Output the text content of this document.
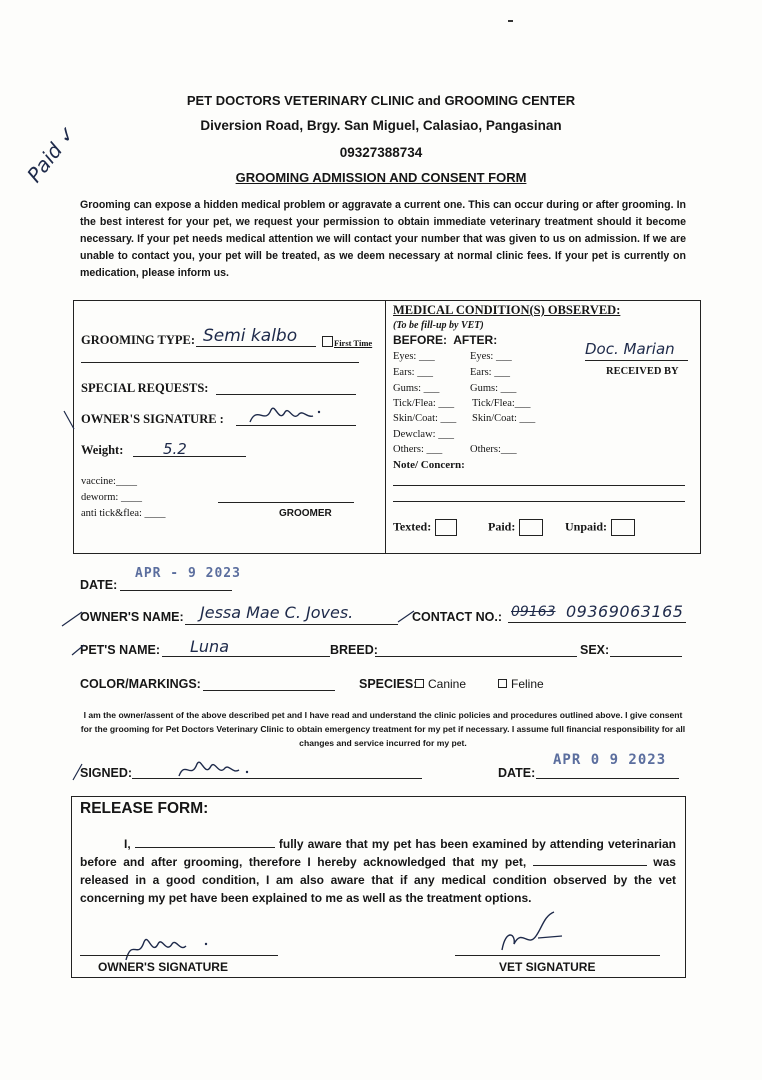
PET DOCTORS VETERINARY CLINIC and GROOMING CENTER
Diversion Road, Brgy. San Miguel, Calasiao, Pangasinan
09327388734
GROOMING ADMISSION AND CONSENT FORM
Paid ✓
Grooming can expose a hidden medical problem or aggravate a current one. This can occur during or after grooming. In the best interest for your pet, we request your permission to obtain immediate veterinary treatment should it become necessary. If your pet needs medical attention we will contact your number that was given to us on admission. If we are unable to contact you, your pet will be treated, as we deem necessary at normal clinic fees. If your pet is currently on medication, please inform us.
GROOMING TYPE: Semi kalbo	First Time
SPECIAL REQUESTS:
OWNER'S SIGNATURE :
Weight:	5.2
vaccine:____
deworm: ____
anti tick&flea: ____	GROOMER
MEDICAL CONDITION(S) OBSERVED:
(To be fill-up by VET)
BEFORE:  AFTER:
Eyes: ___	Eyes: ___
Ears: ___	Ears: ___
Gums: ___	Gums: ___
Tick/Flea: ___ Tick/Flea:___
Skin/Coat: ___ Skin/Coat: ___
Dewclaw: ___
Others: ___	Others:___
Note/ Concern:
Doc. Marian
RECEIVED BY
Texted:	Paid:	Unpaid:
DATE:
APR - 9 2023
OWNER'S NAME: Jessa Mae C. Joves.	CONTACT NO.: 09163 09369063165
PET'S NAME: Luna	BREED:	SEX:
COLOR/MARKINGS:	SPECIES: Canine	Feline
I am the owner/assent of the above described pet and I have read and understand the clinic policies and procedures outlined above. I give consent for the grooming for Pet Doctors Veterinary Clinic to obtain emergency treatment for my pet if necessary. I assume full financial responsibility for all changes and service incurred for my pet.
SIGNED:	DATE:
APR 0 9 2023
RELEASE FORM:
I,	fully aware that my pet has been examined by attending veterinarian before and after grooming, therefore I hereby acknowledged that my pet,	was released in a good condition, I am also aware that if any medical condition observed by the vet concerning my pet have been explained to me as well as the treatment options.
OWNER'S SIGNATURE	VET SIGNATURE
